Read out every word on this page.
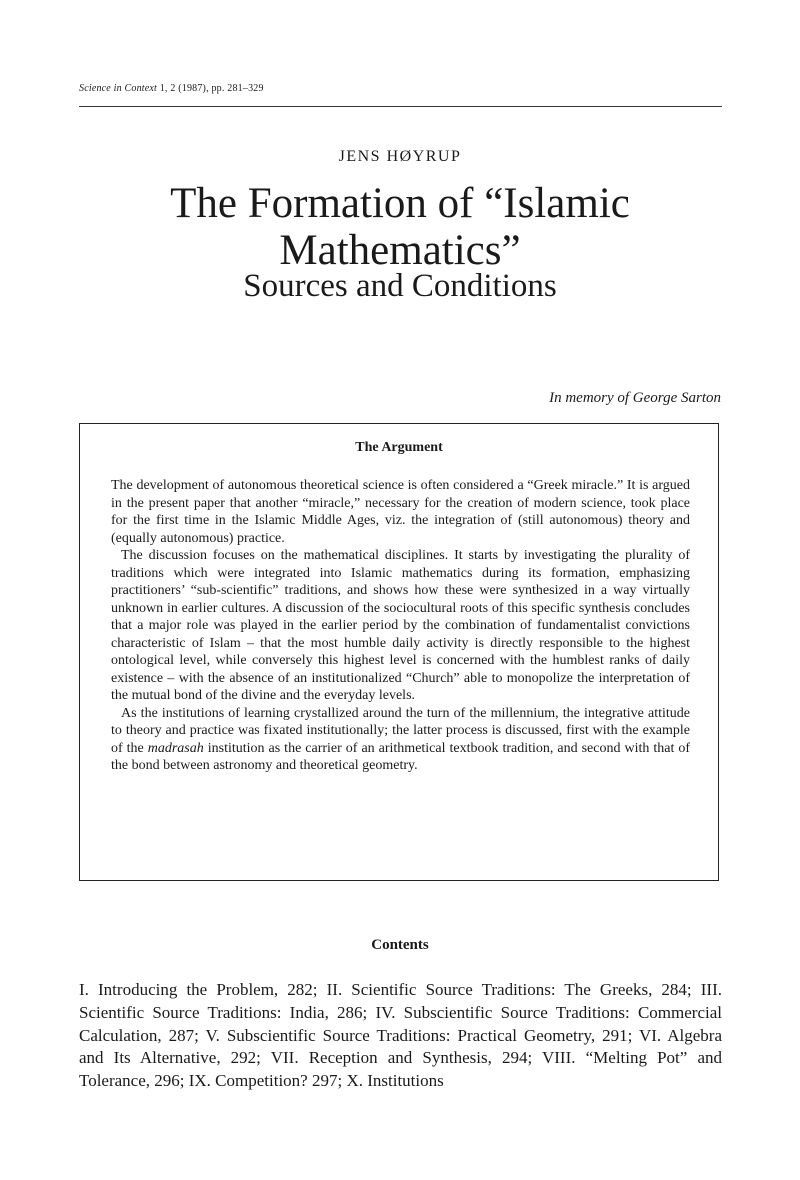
Science in Context 1, 2 (1987), pp. 281–329
JENS HØYRUP
The Formation of “Islamic
Mathematics”
Sources and Conditions
In memory of George Sarton
The Argument

The development of autonomous theoretical science is often considered a “Greek miracle.” It is argued in the present paper that another “miracle,” necessary for the creation of modern science, took place for the first time in the Islamic Middle Ages, viz. the integration of (still autonomous) theory and (equally autonomous) practice.

The discussion focuses on the mathematical disciplines. It starts by investigating the plurality of traditions which were integrated into Islamic mathematics during its formation, emphasizing practitioners’ “sub-scientific” traditions, and shows how these were synthesized in a way virtually unknown in earlier cultures. A discussion of the sociocultural roots of this specific synthesis concludes that a major role was played in the earlier period by the combination of fundamentalist convictions characteristic of Islam – that the most humble daily activity is directly responsible to the highest ontological level, while conversely this highest level is concerned with the humblest ranks of daily existence – with the absence of an institutionalized “Church” able to monopolize the interpretation of the mutual bond of the divine and the everyday levels.

As the institutions of learning crystallized around the turn of the millennium, the integrative attitude to theory and practice was fixated institutionally; the latter process is discussed, first with the example of the madrasah institution as the carrier of an arithmetical textbook tradition, and second with that of the bond between astronomy and theoretical geometry.

Contents

I. Introducing the Problem, 282; II. Scientific Source Traditions: The Greeks, 284; III. Scientific Source Traditions: India, 286; IV. Subscientific Source Traditions: Commercial Calculation, 287; V. Subscientific Source Traditions: Practical Geometry, 291; VI. Algebra and Its Alternative, 292; VII. Reception and Synthesis, 294; VIII. “Melting Pot” and Tolerance, 296; IX. Competition? 297; X. Institutions
